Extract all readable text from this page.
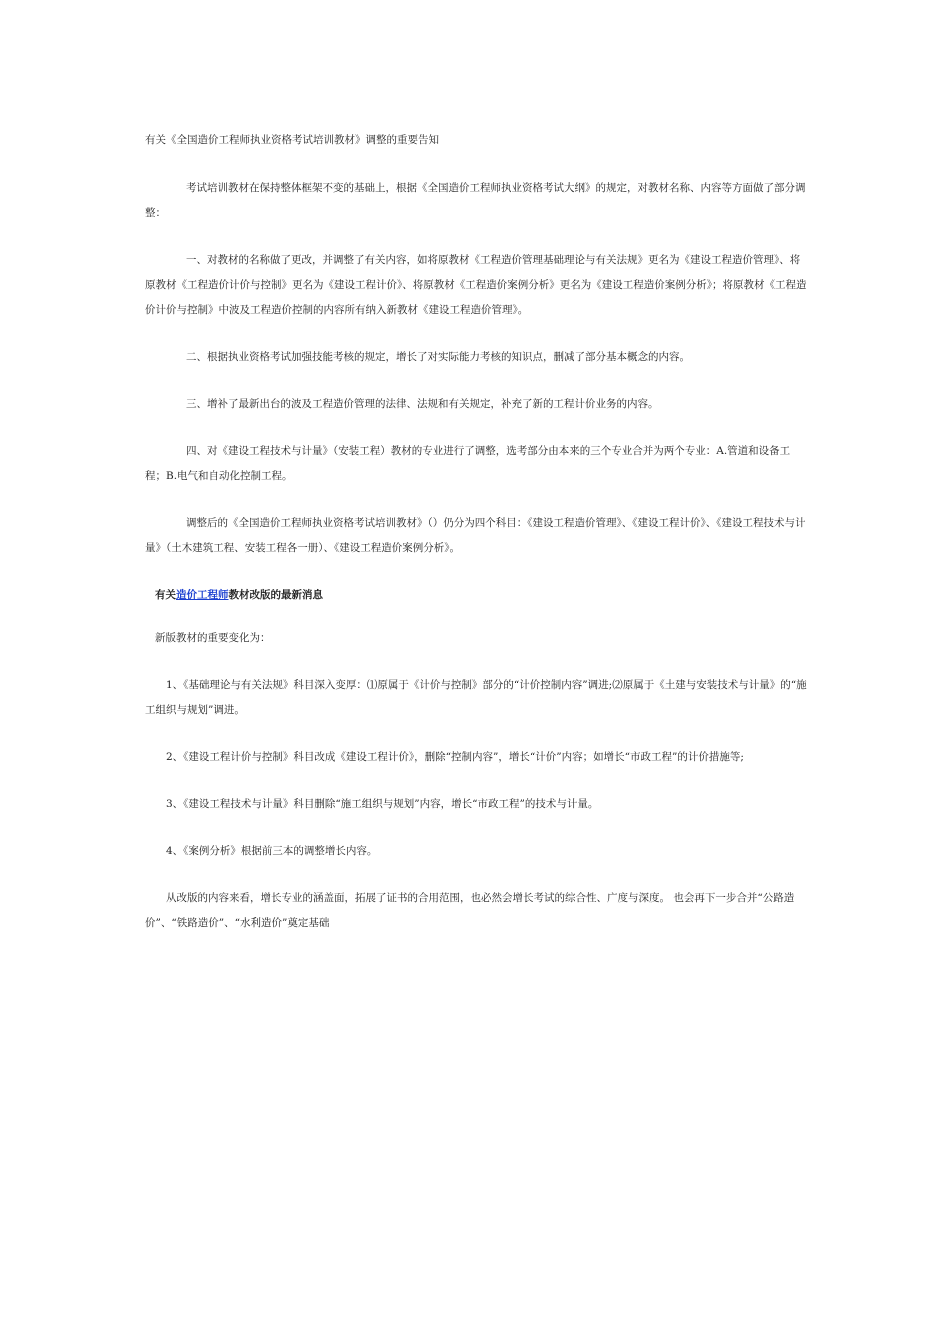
有关《全国造价工程师执业资格考试培训教材》调整的重要告知

考试培训教材在保持整体框架不变的基础上，根据《全国造价工程师执业资格考试大纲》的规定，对教材名称、内容等方面做了部分调整：

一、对教材的名称做了更改，并调整了有关内容，如将原教材《工程造价管理基础理论与有关法规》更名为《建设工程造价管理》、将原教材《工程造价计价与控制》更名为《建设工程计价》、将原教材《工程造价案例分析》更名为《建设工程造价案例分析》；将原教材《工程造价计价与控制》中波及工程造价控制的内容所有纳入新教材《建设工程造价管理》。

二、根据执业资格考试加强技能考核的规定，增长了对实际能力考核的知识点，删减了部分基本概念的内容。

三、增补了最新出台的波及工程造价管理的法律、法规和有关规定，补充了新的工程计价业务的内容。

四、对《建设工程技术与计量》（安装工程）教材的专业进行了调整，选考部分由本来的三个专业合并为两个专业：A.管道和设备工程；B.电气和自动化控制工程。

调整后的《全国造价工程师执业资格考试培训教材》（）仍分为四个科目：《建设工程造价管理》、《建设工程计价》、《建设工程技术与计量》（土木建筑工程、安装工程各一册）、《建设工程造价案例分析》。

有关造价工程师教材改版的最新消息

新版教材的重要变化为：

1、《基础理论与有关法规》科目深入变厚：⑴原属于《计价与控制》部分的“计价控制内容”调进;⑵原属于《土建与安装技术与计量》的“施工组织与规划”调进。

2、《建设工程计价与控制》科目改成《建设工程计价》，删除“控制内容”，增长“计价”内容；如增长“市政工程”的计价措施等;

3、《建设工程技术与计量》科目删除“施工组织与规划”内容，增长“市政工程”的技术与计量。

4、《案例分析》根据前三本的调整增长内容。

从改版的内容来看，增长专业的涵盖面，拓展了证书的合用范围，也必然会增长考试的综合性、广度与深度。 也会再下一步合并“公路造价”、“铁路造价”、“水利造价”奠定基础
